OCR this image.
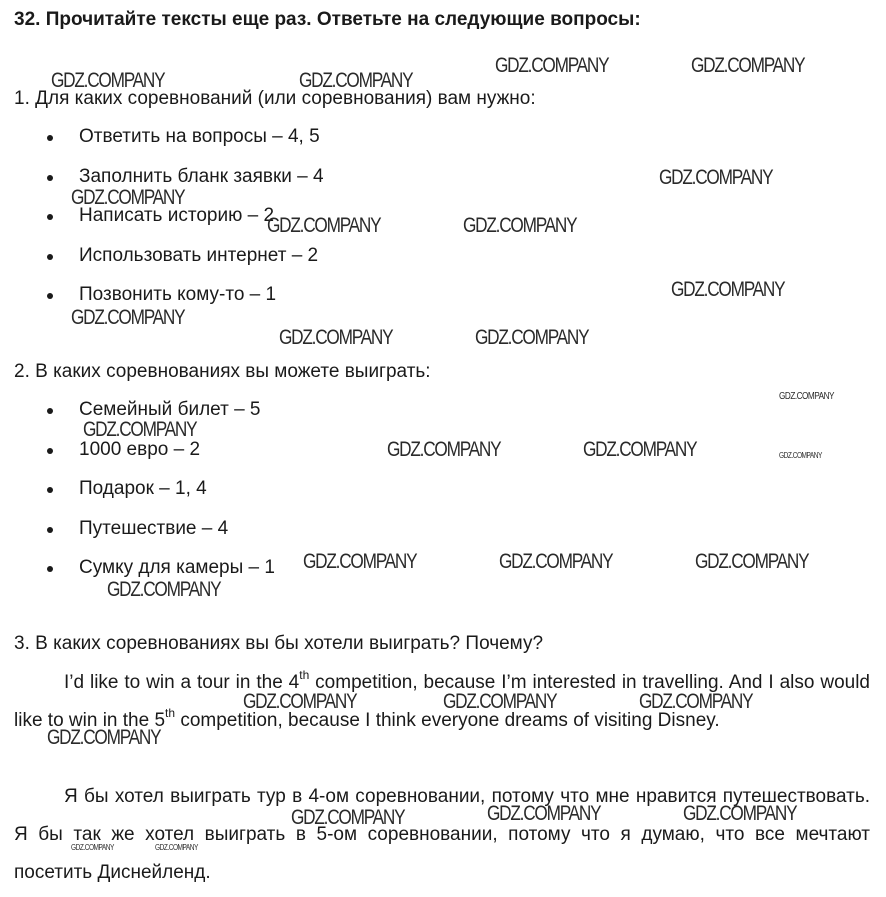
32. Прочитайте тексты еще раз. Ответьте на следующие вопросы:
1. Для каких соревнований (или соревнования) вам нужно:
Ответить на вопросы – 4, 5
Заполнить бланк заявки – 4
Написать историю – 2
Использовать интернет – 2
Позвонить кому-то – 1
2. В каких соревнованиях вы можете выиграть:
Семейный билет – 5
1000 евро – 2
Подарок – 1, 4
Путешествие – 4
Сумку для камеры – 1
3. В каких соревнованиях вы бы хотели выиграть? Почему?

I’d like to win a tour in the 4th competition, because I’m interested in travelling. And I also would like to win in the 5th competition, because I think everyone dreams of visiting Disney.

Я бы хотел выиграть тур в 4-ом соревновании, потому что мне нравится путешествовать. Я бы так же хотел выиграть в 5-ом соревновании, потому что я думаю, что все мечтают посетить Диснейленд.

GDZ.COMPANY	GDZ.COMPANY
GDZ.COMPANY	GDZ.COMPANY
GDZ.COMPANY
GDZ.COMPANY
GDZ.COMPANY	GDZ.COMPANY
GDZ.COMPANY
GDZ.COMPANY
GDZ.COMPANY	GDZ.COMPANY
GDZ.COMPANY
GDZ.COMPANY
GDZ.COMPANY	GDZ.COMPANY	GDZ.COMPANY
GDZ.COMPANY	GDZ.COMPANY	GDZ.COMPANY
GDZ.COMPANY
GDZ.COMPANY	GDZ.COMPANY	GDZ.COMPANY
GDZ.COMPANY
GDZ.COMPANY	GDZ.COMPANY	GDZ.COMPANY
GDZ.COMPANY	GDZ.COMPANY
